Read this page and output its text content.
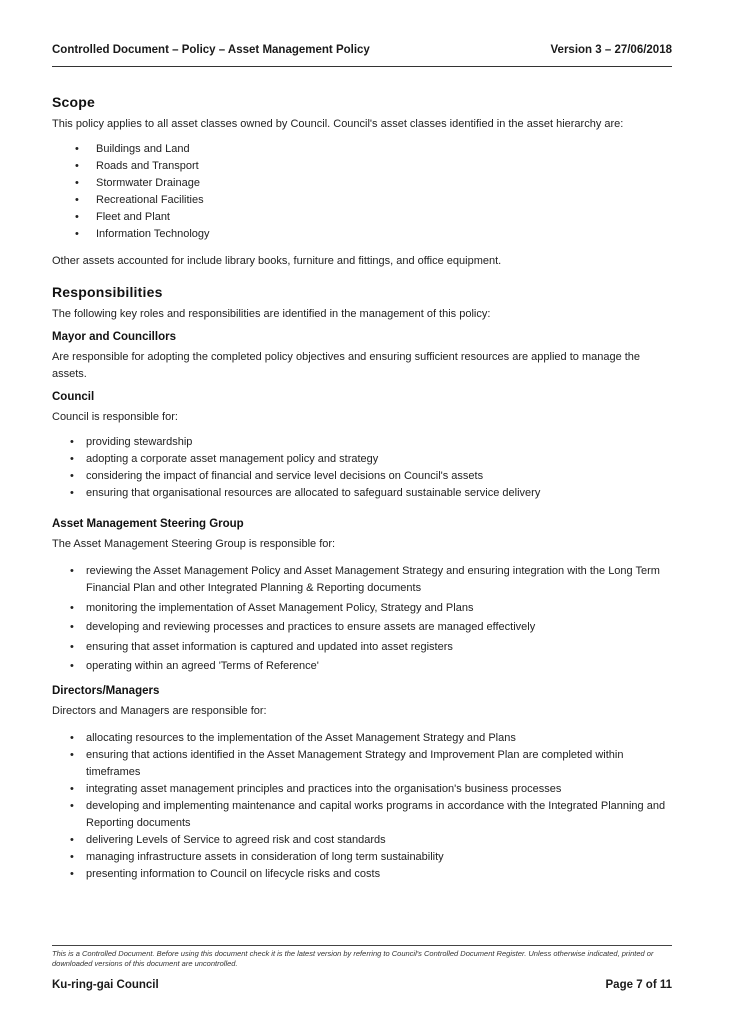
Controlled Document – Policy – Asset Management Policy	Version 3 – 27/06/2018
Scope

This policy applies to all asset classes owned by Council. Council's asset classes identified in the asset hierarchy are:

• Buildings and Land
• Roads and Transport
• Stormwater Drainage
• Recreational Facilities
• Fleet and Plant
• Information Technology

Other assets accounted for include library books, furniture and fittings, and office equipment.

Responsibilities

The following key roles and responsibilities are identified in the management of this policy:

Mayor and Councillors

Are responsible for adopting the completed policy objectives and ensuring sufficient resources are applied to manage the assets.

Council

Council is responsible for:

• providing stewardship
• adopting a corporate asset management policy and strategy
• considering the impact of financial and service level decisions on Council's assets
• ensuring that organisational resources are allocated to safeguard sustainable service delivery
Asset Management Steering Group

The Asset Management Steering Group is responsible for:

• reviewing the Asset Management Policy and Asset Management Strategy and ensuring integration with the Long Term Financial Plan and other Integrated Planning & Reporting documents
• monitoring the implementation of Asset Management Policy, Strategy and Plans
• developing and reviewing processes and practices to ensure assets are managed effectively
• ensuring that asset information is captured and updated into asset registers
• operating within an agreed 'Terms of Reference'
Directors/Managers

Directors and Managers are responsible for:

• allocating resources to the implementation of the Asset Management Strategy and Plans
• ensuring that actions identified in the Asset Management Strategy and Improvement Plan are completed within timeframes
• integrating asset management principles and practices into the organisation's business processes
• developing and implementing maintenance and capital works programs in accordance with the Integrated Planning and Reporting documents
• delivering Levels of Service to agreed risk and cost standards
• managing infrastructure assets in consideration of long term sustainability
• presenting information to Council on lifecycle risks and costs
This is a Controlled Document. Before using this document check it is the latest version by referring to Council's Controlled Document Register. Unless otherwise indicated, printed or downloaded versions of this document are uncontrolled.
Ku-ring-gai Council	Page 7 of 11
